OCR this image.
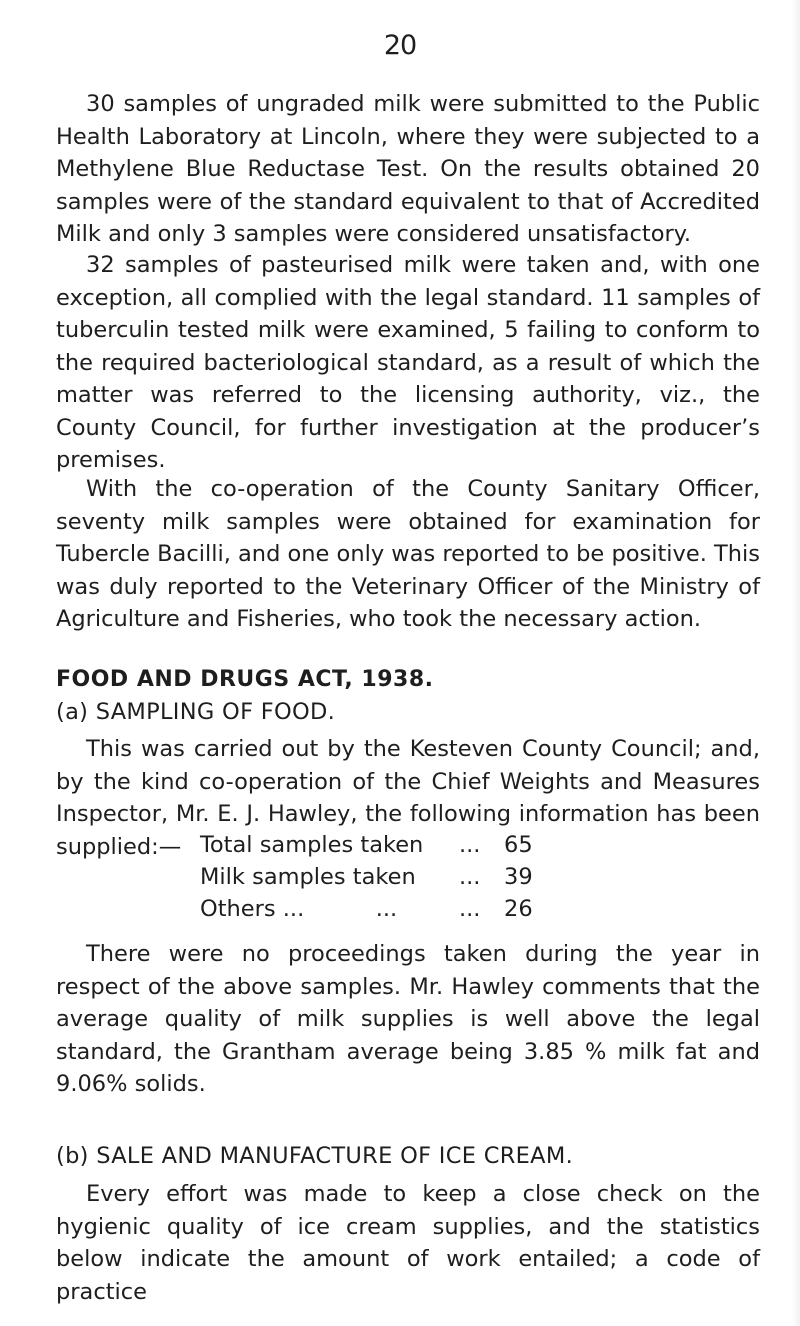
20

30 samples of ungraded milk were submitted to the Public Health Laboratory at Lincoln, where they were subjected to a Methylene Blue Reductase Test. On the results obtained 20 samples were of the standard equivalent to that of Accredited Milk and only 3 samples were considered unsatisfactory.

32 samples of pasteurised milk were taken and, with one exception, all complied with the legal standard. 11 samples of tuberculin tested milk were examined, 5 failing to conform to the required bacteriological standard, as a result of which the matter was referred to the licensing authority, viz., the County Council, for further investigation at the producer’s premises.

With the co-operation of the County Sanitary Officer, seventy milk samples were obtained for examination for Tubercle Bacilli, and one only was reported to be positive. This was duly reported to the Veterinary Officer of the Ministry of Agriculture and Fisheries, who took the necessary action.

FOOD AND DRUGS ACT, 1938.
(a) SAMPLING OF FOOD.

This was carried out by the Kesteven County Council; and, by the kind co-operation of the Chief Weights and Measures Inspector, Mr. E. J. Hawley, the following information has been supplied:— Total samples taken	...	65
Milk samples taken	...	39
Others ...          ...	...	26

There were no proceedings taken during the year in respect of the above samples. Mr. Hawley comments that the average quality of milk supplies is well above the legal standard, the Grantham average being 3.85 % milk fat and 9.06% solids.

(b) SALE AND MANUFACTURE OF ICE CREAM.

Every effort was made to keep a close check on the hygienic quality of ice cream supplies, and the statistics below indicate the amount of work entailed; a code of practice
